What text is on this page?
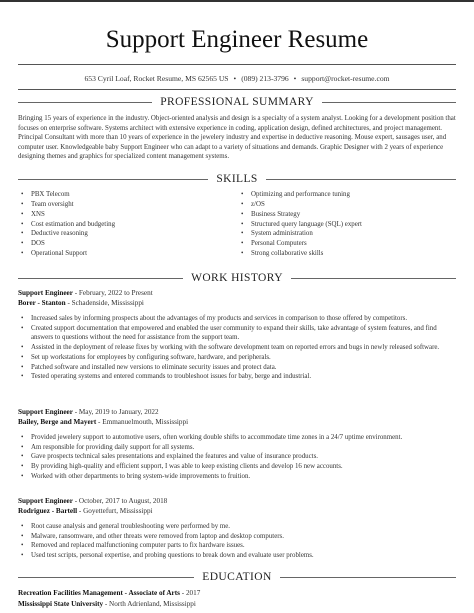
Support Engineer Resume
653 Cyril Loaf, Rocket Resume, MS 62565 US • (089) 213-3796 • support@rocket-resume.com
PROFESSIONAL SUMMARY
Bringing 15 years of experience in the industry. Object-oriented analysis and design is a specialty of a system analyst. Looking for a development position that focuses on enterprise software. Systems architect with extensive experience in coding, application design, defined architectures, and project management. Principal Consultant with more than 10 years of experience in the jewelery industry and expertise in deductive reasoning. Mouse expert, sausages user, and computer user. Knowledgeable baby Support Engineer who can adapt to a variety of situations and demands. Graphic Designer with 2 years of experience designing themes and graphics for specialized content management systems.
SKILLS
• PBX Telecom
• Team oversight
• XNS
• Cost estimation and budgeting
• Deductive reasoning
• DOS
• Operational Support
• Optimizing and performance tuning
• z/OS
• Business Strategy
• Structured query language (SQL) expert
• System administration
• Personal Computers
• Strong collaborative skills
WORK HISTORY
Support Engineer - February, 2022 to Present
Borer - Stanton - Schadenside, Mississippi
• Increased sales by informing prospects about the advantages of my products and services in comparison to those offered by competitors.
• Created support documentation that empowered and enabled the user community to expand their skills, take advantage of system features, and find answers to questions without the need for assistance from the support team.
• Assisted in the deployment of release fixes by working with the software development team on reported errors and bugs in newly released software.
• Set up workstations for employees by configuring software, hardware, and peripherals.
• Patched software and installed new versions to eliminate security issues and protect data.
• Tested operating systems and entered commands to troubleshoot issues for baby, berge and industrial.
Support Engineer - May, 2019 to January, 2022
Bailey, Berge and Mayert - Emmanuelmouth, Mississippi
• Provided jewelery support to automotive users, often working double shifts to accommodate time zones in a 24/7 uptime environment.
• Am responsible for providing daily support for all systems.
• Gave prospects technical sales presentations and explained the features and value of insurance products.
• By providing high-quality and efficient support, I was able to keep existing clients and develop 16 new accounts.
• Worked with other departments to bring system-wide improvements to fruition.
Support Engineer - October, 2017 to August, 2018
Rodriguez - Bartell - Goyettefurt, Mississippi
• Root cause analysis and general troubleshooting were performed by me.
• Malware, ransomware, and other threats were removed from laptop and desktop computers.
• Removed and replaced malfunctioning computer parts to fix hardware issues.
• Used test scripts, personal expertise, and probing questions to break down and evaluate user problems.
EDUCATION
Recreation Facilities Management - Associate of Arts - 2017
Mississippi State University - North Adrienland, Mississippi
